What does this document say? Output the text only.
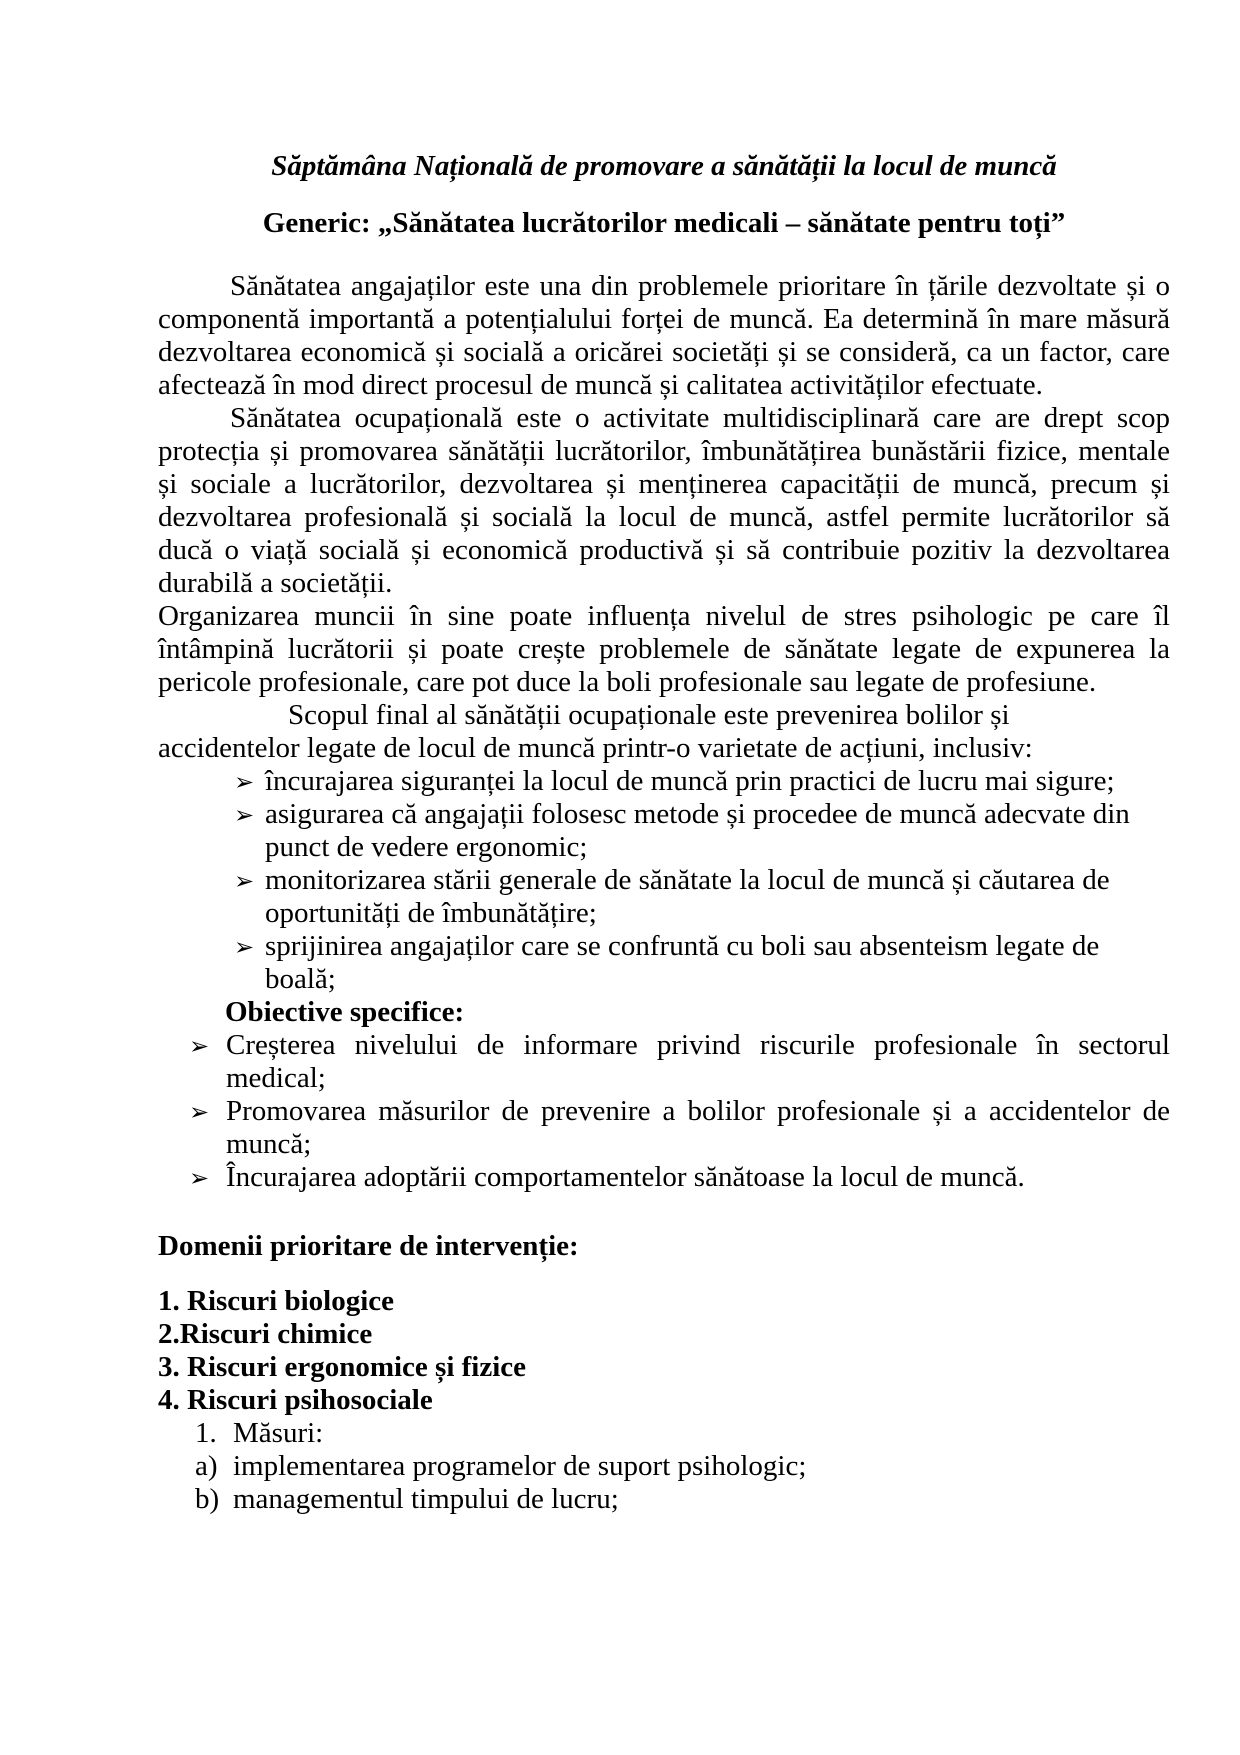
Săptămâna Națională de promovare a sănătății la locul de muncă
Generic: „Sănătatea lucrătorilor medicali – sănătate pentru toți”

Sănătatea angajaților este una din problemele prioritare în țările dezvoltate și o componentă importantă a potențialului forței de muncă. Ea determină în mare măsură dezvoltarea economică și socială a oricărei societăți și se consideră, ca un factor, care afectează în mod direct procesul de muncă și calitatea activităților efectuate.

Sănătatea ocupațională este o activitate multidisciplinară care are drept scop protecția și promovarea sănătății lucrătorilor, îmbunătățirea bunăstării fizice, mentale și sociale a lucrătorilor, dezvoltarea și menținerea capacității de muncă, precum și dezvoltarea profesională și socială la locul de muncă, astfel permite lucrătorilor să ducă o viață socială și economică productivă și să contribuie pozitiv la dezvoltarea durabilă a societății.

Organizarea muncii în sine poate influența nivelul de stres psihologic pe care îl întâmpină lucrătorii și poate crește problemele de sănătate legate de expunerea la pericole profesionale, care pot duce la boli profesionale sau legate de profesiune.

Scopul final al sănătății ocupaționale este prevenirea bolilor și
accidentelor legate de locul de muncă printr-o varietate de acțiuni, inclusiv:

➢ încurajarea siguranței la locul de muncă prin practici de lucru mai sigure;
➢ asigurarea că angajații folosesc metode și procedee de muncă adecvate din punct de vedere ergonomic;
➢ monitorizarea stării generale de sănătate la locul de muncă și căutarea de oportunități de îmbunătățire;
➢ sprijinirea angajaților care se confruntă cu boli sau absenteism legate de boală;

Obiective specifice:

➢ Creșterea nivelului de informare privind riscurile profesionale în sectorul medical;
➢ Promovarea măsurilor de prevenire a bolilor profesionale și a accidentelor de muncă;
➢ Încurajarea adoptării comportamentelor sănătoase la locul de muncă.
Domenii prioritare de intervenție:

1. Riscuri biologice

2.Riscuri chimice

3. Riscuri ergonomice și fizice

4. Riscuri psihosociale

1. Măsuri:

a) implementarea programelor de suport psihologic;

b) managementul timpului de lucru;
